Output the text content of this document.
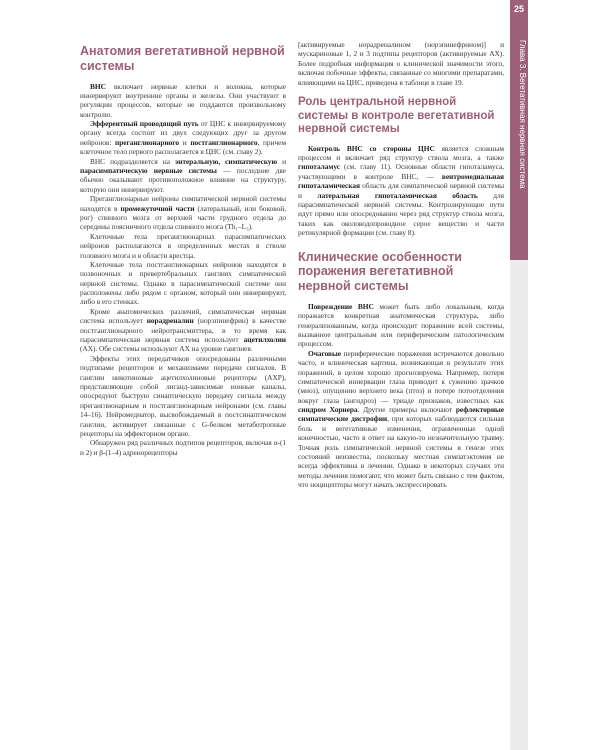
25
Глава 3. Вегетативная нервная система
Анатомия вегетативной нервной системы

ВНС включает нервные клетки и волокна, которые иннервируют внутренние органы и железы. Они участвуют в регуляции процессов, которые не поддаются произвольному контролю.

Эфферентный проводящий путь от ЦНС к иннервируемому органу всегда состоит из двух следующих друг за другом нейронов: преганглионарного и постганглионарного, причем клеточное тело первого располагается в ЦНС (см. главу 2).

ВНС подразделяется на энтеральную, симпатическую и парасимпатическую нервные системы — последние две обычно оказывают противоположное влияние на структуру, которую они иннервируют.

Преганглионарные нейроны симпатической нервной системы находятся в промежуточной части (латеральный, или боковой, рог) спинного мозга от верхней части грудного отдела до середины поясничного отдела спинного мозга (Th₁–L₃).

Клеточные тела преганглионарных парасимпатических нейронов располагаются в определенных местах в стволе головного мозга и в области крестца.

Клеточные тела постганглионарных нейронов находятся в позвоночных и превертебральных ганглиях симпатической нервной системы. Однако в парасимпатической системе они расположены либо рядом с органом, который они иннервируют, либо в его стенках.

Кроме анатомических различий, симпатическая нервная система использует норадреналин (норэпинефрин) в качестве постганглионарного нейротрансмиттера, в то время как парасимпатическая нервная система использует ацетилхолин (АХ). Обе системы используют АХ на уровне ганглиев.

Эффекты этих передатчиков опосредованы различными подтипами рецепторов и механизмами передачи сигналов. В ганглии никотиновые ацетилхолиновые рецепторы (АХР), представляющие собой лиганд-зависимые ионные каналы, опосредуют быструю синаптическую передачу сигнала между преганглионарным и постганглионарным нейронами (см. главы 14–16). Нейромедиатор, высвобождаемый в постсинаптическом ганглии, активирует связанные с G-белком метаботропные рецепторы на эффекторном органе.

Обнаружен ряд различных подтипов рецепторов, включая α-(1 и 2) и β-(1–4) адренорецепторы

[активируемые норадреналином (норэпинефрином)] и мускариновые 1, 2 и 3 подтипы рецепторов (активируемые АХ). Более подробная информация о клинической значимости этого, включая побочные эффекты, связанные со многими препаратами, влияющими на ЦНС, приведена в таблице в главе 19.

Роль центральной нервной системы в контроле вегетативной нервной системы

Контроль ВНС со стороны ЦНС является сложным процессом и включает ряд структур ствола мозга, а также гипоталамус (см. главу 11). Основные области гипоталамуса, участвующими в контроле ВНС, — вентромедиальная гипоталамическая область для симпатической нервной системы и латеральная гипоталамическая область для парасимпатической нервной системы. Контролирующие пути идут прямо или опосредованно через ряд структур ствола мозга, таких как околоводопроводное серое вещество и части ретикулярной формации (см. главу 8).

Клинические особенности поражения вегетативной нервной системы

Повреждение ВНС может быть либо локальным, когда поражается конкретная анатомическая структура, либо генерализованным, когда происходит поражение всей системы, вызванное центральным или периферическим патологическим процессом.

Очаговые периферические поражения встречаются довольно часто, и клиническая картина, возникающая в результате этих поражений, в целом хорошо прогнозируема. Например, потеря симпатической иннервации глаза приводит к сужению зрачков (миоз), опущению верхнего века (птоз) и потере потоотделения вокруг глаза (ангидроз) — триаде признаков, известных как синдром Хорнера. Другие примеры включают рефлекторные симпатические дистрофии, при которых наблюдаются сильная боль и вегетативные изменения, ограниченные одной конечностью, часто в ответ на какую-то незначительную травму. Точная роль симпатической нервной системы в генезе этих состояний неизвестна, поскольку местная симпатэктомия не всегда эффективна в лечении. Однако в некоторых случаях эти методы лечения помогают, что может быть связано с тем фактом, что ноцицепторы могут начать экспрессировать
